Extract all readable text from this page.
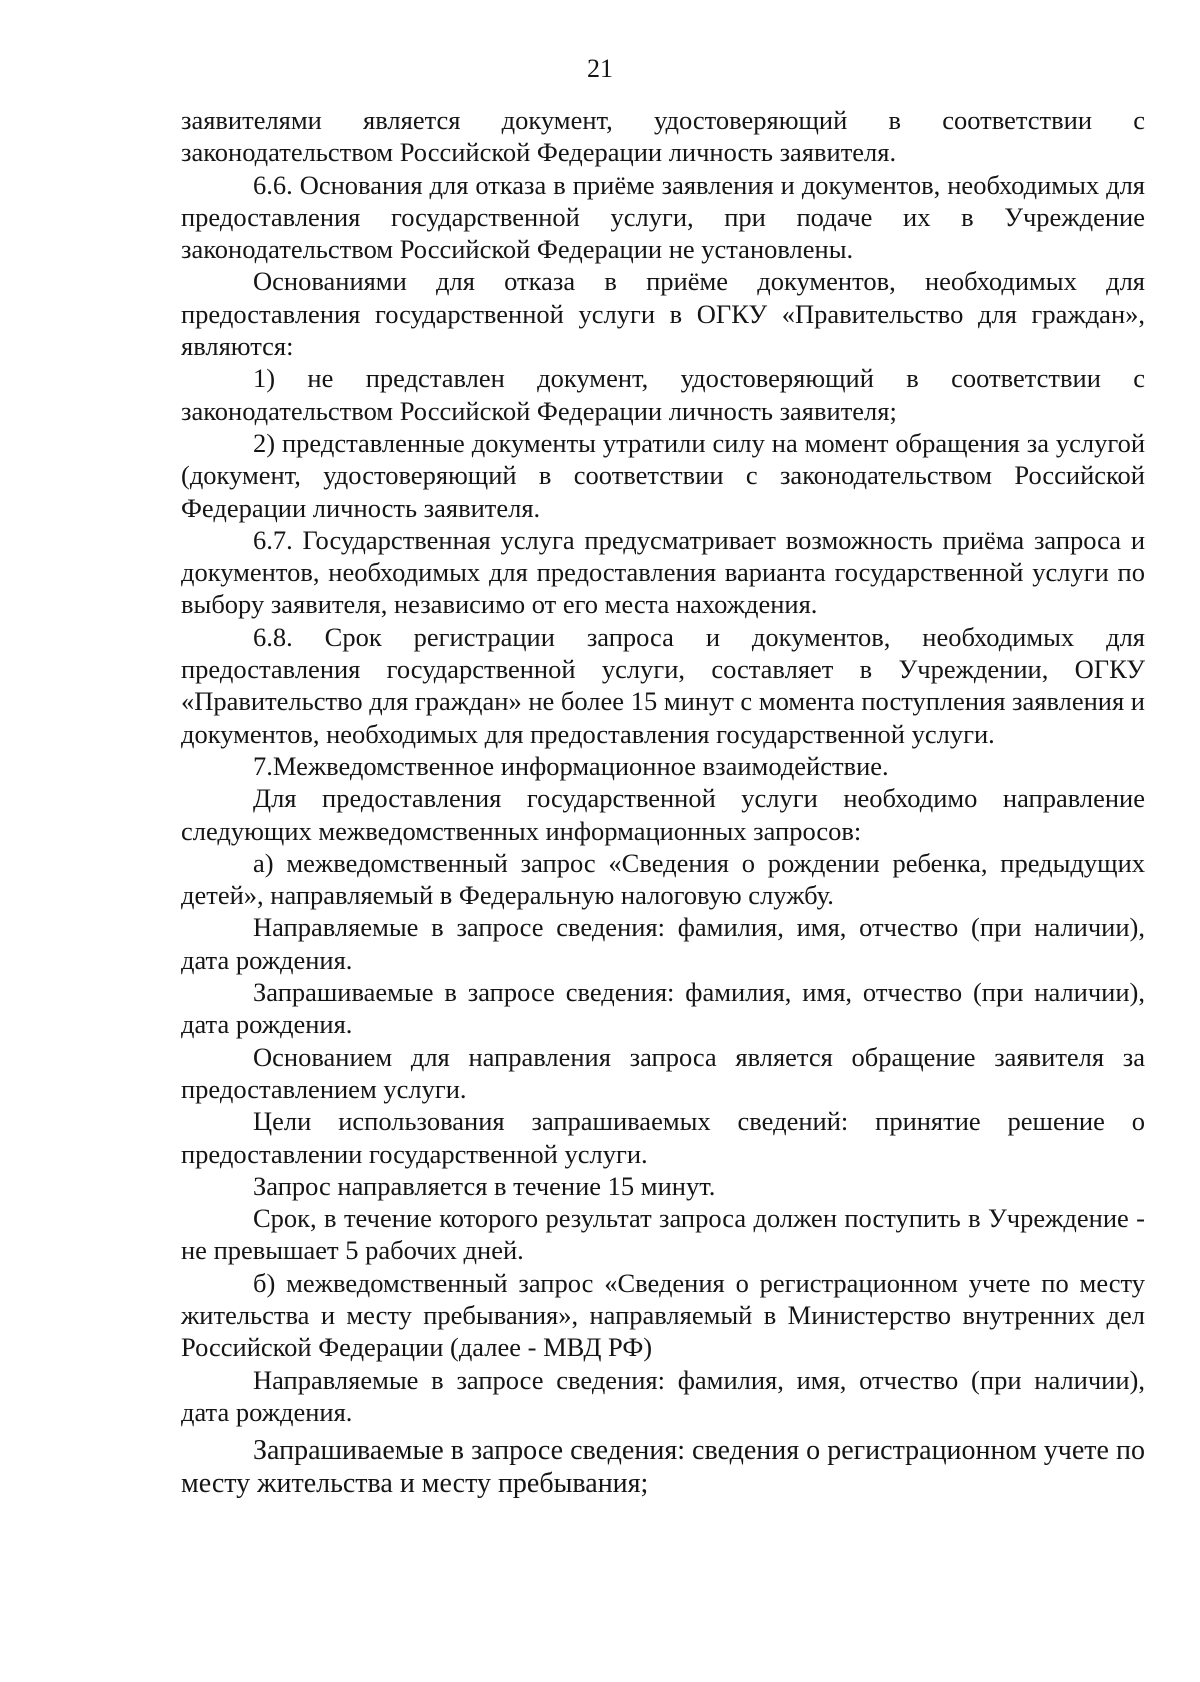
21

заявителями является документ, удостоверяющий в соответствии с законодательством Российской Федерации личность заявителя.

6.6. Основания для отказа в приёме заявления и документов, необходимых для предоставления государственной услуги, при подаче их в Учреждение законодательством Российской Федерации не установлены.

Основаниями для отказа в приёме документов, необходимых для предоставления государственной услуги в ОГКУ «Правительство для граждан», являются:

1) не представлен документ, удостоверяющий в соответствии с законодательством Российской Федерации личность заявителя;

2) представленные документы утратили силу на момент обращения за услугой (документ, удостоверяющий в соответствии с законодательством Российской Федерации личность заявителя.

6.7. Государственная услуга предусматривает возможность приёма запроса и документов, необходимых для предоставления варианта государственной услуги по выбору заявителя, независимо от его места нахождения.

6.8. Срок регистрации запроса и документов, необходимых для предоставления государственной услуги, составляет в Учреждении, ОГКУ «Правительство для граждан» не более 15 минут с момента поступления заявления и документов, необходимых для предоставления государственной услуги.

7.Межведомственное информационное взаимодействие.

Для предоставления государственной услуги необходимо направление следующих межведомственных информационных запросов:

а) межведомственный запрос «Сведения о рождении ребенка, предыдущих детей», направляемый в Федеральную налоговую службу.

Направляемые в запросе сведения: фамилия, имя, отчество (при наличии), дата рождения.

Запрашиваемые в запросе сведения: фамилия, имя, отчество (при наличии), дата рождения.

Основанием для направления запроса является обращение заявителя за предоставлением услуги.

Цели использования запрашиваемых сведений: принятие решение о предоставлении государственной услуги.

Запрос направляется в течение 15 минут.

Срок, в течение которого результат запроса должен поступить в Учреждение - не превышает 5 рабочих дней.

б) межведомственный запрос «Сведения о регистрационном учете по месту жительства и месту пребывания», направляемый в Министерство внутренних дел Российской Федерации (далее - МВД РФ)

Направляемые в запросе сведения: фамилия, имя, отчество (при наличии), дата рождения.

Запрашиваемые в запросе сведения: сведения о регистрационном учете по месту жительства и месту пребывания;
